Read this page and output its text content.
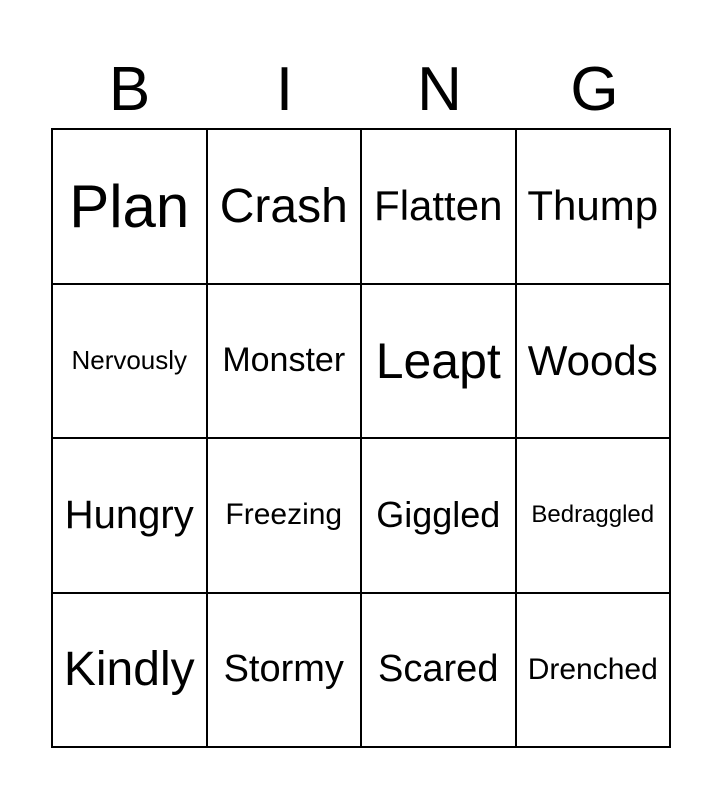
B	I	N	G
Plan Crash Flatten Thump
Nervously Monster Leapt Woods
Hungry Freezing Giggled Bedraggled
Kindly Stormy Scared Drenched
